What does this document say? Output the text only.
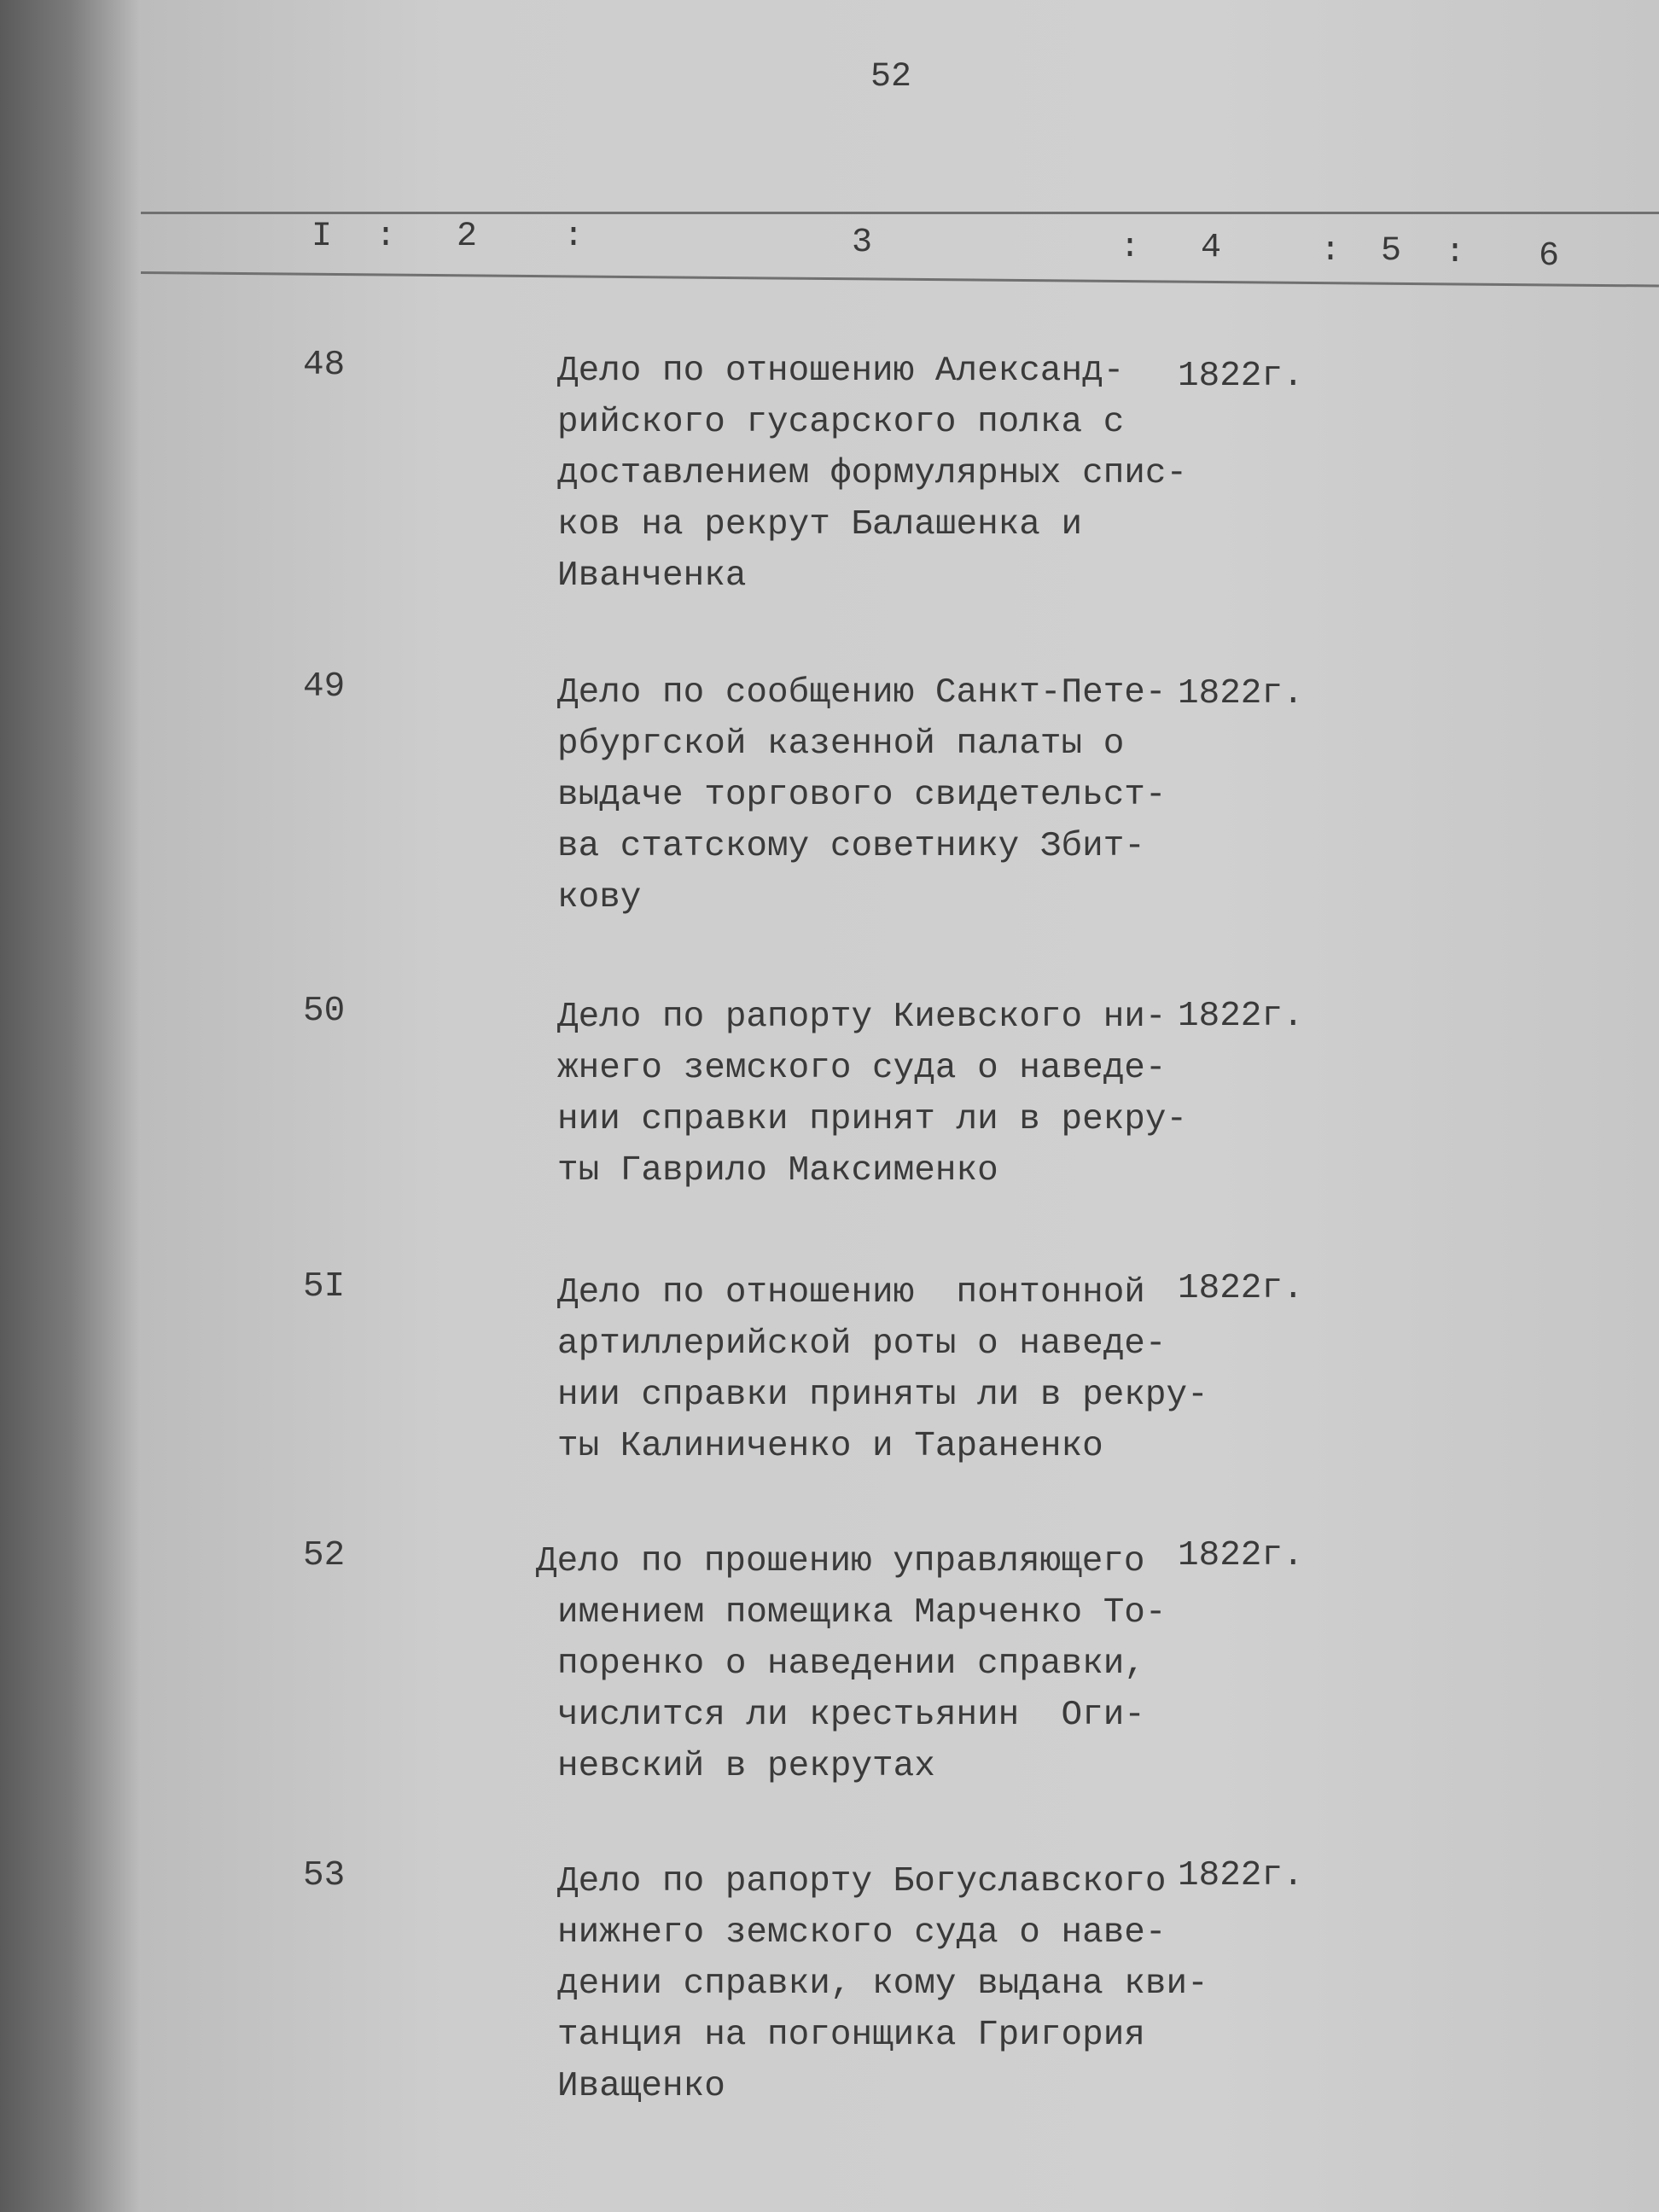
52
I : 2	:	3	: 4	: 5 : 6
48	Дело по отношению Александ-
рийского гусарского полка с
доставлением формулярных спис-
ков на рекрут Балашенка и
Иванченка
1822г.
49	Дело по сообщению Санкт-Пете-
рбургской казенной палаты о
выдаче торгового свидетельст-
ва статскому советнику Збит-
кову
1822г.
50	Дело по рапорту Киевского ни-
жнего земского суда о наведе-
нии справки принят ли в рекру-
ты Гаврило Максименко
1822г.
5I	Дело по отношению  понтонной
артиллерийской роты о наведе-
нии справки приняты ли в рекру-
ты Калиниченко и Тараненко
1822г.
52	Дело по прошению управляющего
имением помещика Марченко То-
поренко о наведении справки,
числится ли крестьянин  Оги-
невский в рекрутах
1822г.
53	Дело по рапорту Богуславского
нижнего земского суда о наве-
дении справки, кому выдана кви-
танция на погонщика Григория
Иващенко
1822г.
